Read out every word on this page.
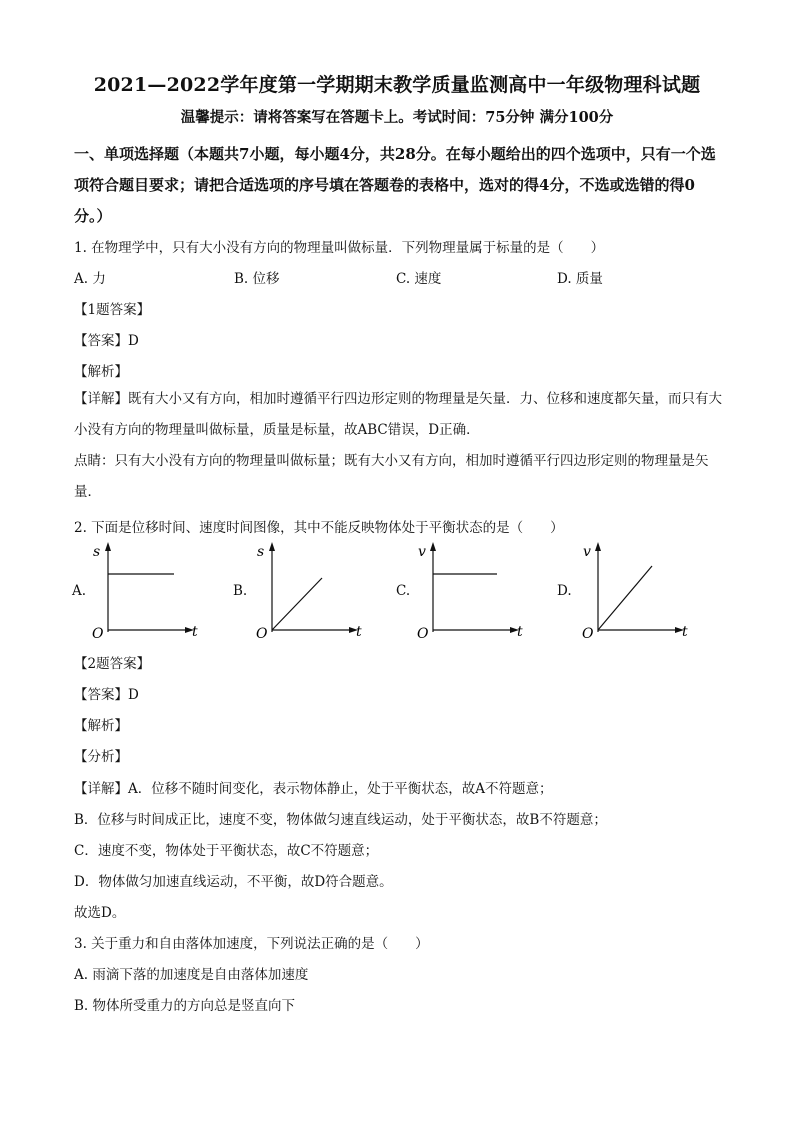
2021—2022学年度第一学期期末教学质量监测高中一年级物理科试题
温馨提示：请将答案写在答题卡上。考试时间：75分钟 满分100分
一、单项选择题（本题共7小题，每小题4分，共28分。在每小题给出的四个选项中，只有一个选项符合题目要求；请把合适选项的序号填在答题卷的表格中，选对的得4分，不选或选错的得0分。）
1. 在物理学中，只有大小没有方向的物理量叫做标量．下列物理量属于标量的是（　　）
A. 力	B. 位移	C. 速度	D. 质量
【1题答案】
【答案】D
【解析】
【详解】既有大小又有方向，相加时遵循平行四边形定则的物理量是矢量．力、位移和速度都矢量，而只有大小没有方向的物理量叫做标量，质量是标量，故ABC错误，D正确．
点睛：只有大小没有方向的物理量叫做标量；既有大小又有方向，相加时遵循平行四边形定则的物理量是矢量．
2. 下面是位移时间、速度时间图像，其中不能反映物体处于平衡状态的是（　　）
A.
s
t
O
B.
s
t
O
C.
v
t
O
D.
v
t
O
【2题答案】
【答案】D
【解析】
【分析】
【详解】A．位移不随时间变化，表示物体静止，处于平衡状态，故A不符题意；
B．位移与时间成正比，速度不变，物体做匀速直线运动，处于平衡状态，故B不符题意；
C．速度不变，物体处于平衡状态，故C不符题意；
D．物体做匀加速直线运动，不平衡，故D符合题意。
故选D。
3. 关于重力和自由落体加速度，下列说法正确的是（　　）
A. 雨滴下落的加速度是自由落体加速度
B. 物体所受重力的方向总是竖直向下
